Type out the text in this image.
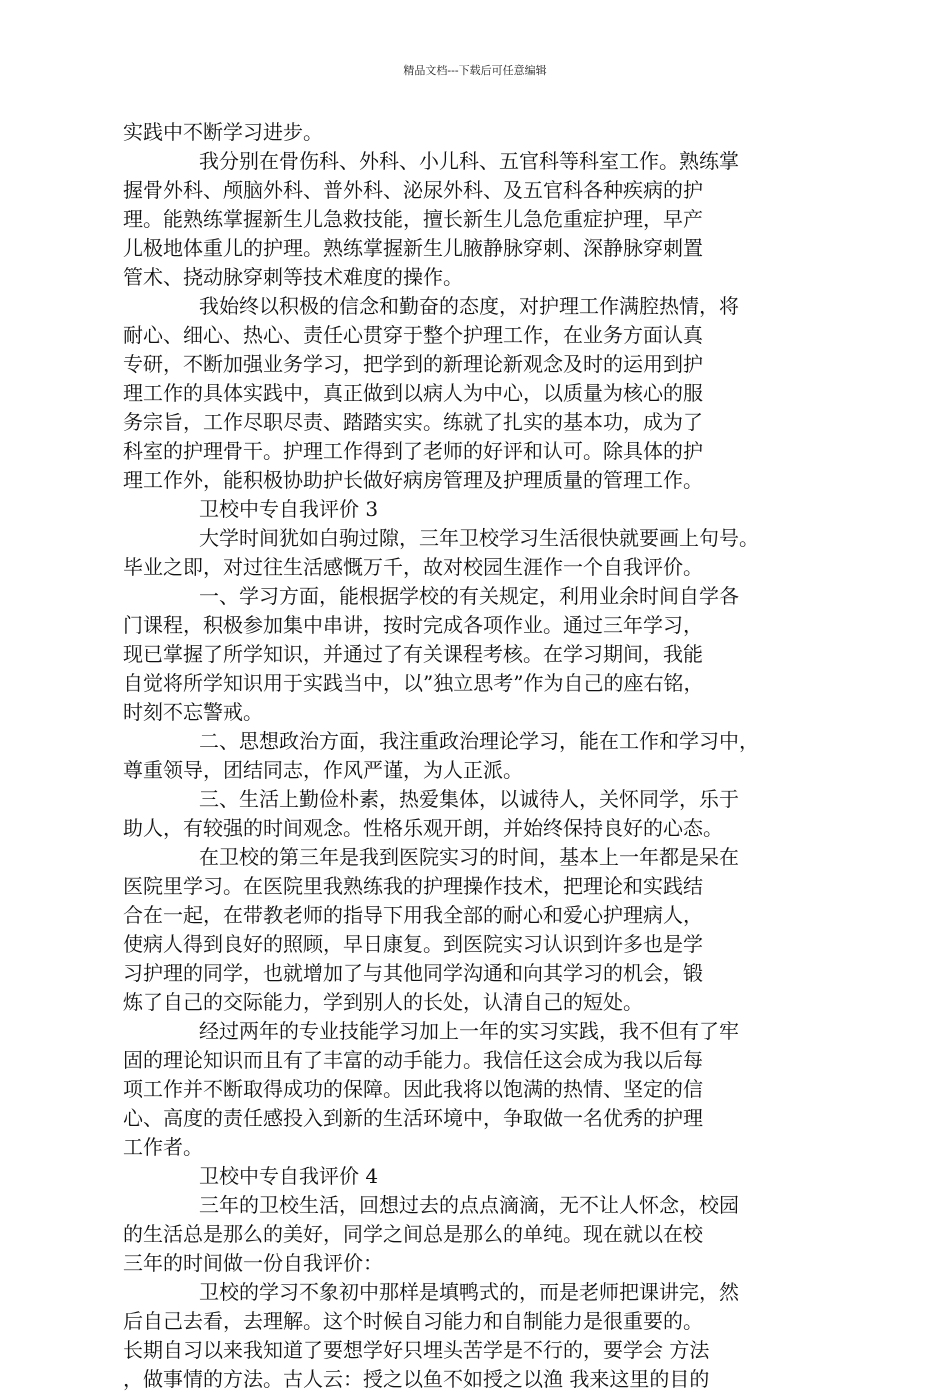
精品文档---下载后可任意编辑
实践中不断学习进步。
我分别在骨伤科、外科、小儿科、五官科等科室工作。熟练掌
握骨外科、颅脑外科、普外科、泌尿外科、及五官科各种疾病的护
理。能熟练掌握新生儿急救技能，擅长新生儿急危重症护理，早产
儿极地体重儿的护理。熟练掌握新生儿腋静脉穿刺、深静脉穿刺置
管术、挠动脉穿刺等技术难度的操作。
我始终以积极的信念和勤奋的态度，对护理工作满腔热情，将
耐心、细心、热心、责任心贯穿于整个护理工作，在业务方面认真
专研，不断加强业务学习，把学到的新理论新观念及时的运用到护
理工作的具体实践中，真正做到以病人为中心，以质量为核心的服
务宗旨，工作尽职尽责、踏踏实实。练就了扎实的基本功，成为了
科室的护理骨干。护理工作得到了老师的好评和认可。除具体的护
理工作外，能积极协助护长做好病房管理及护理质量的管理工作。
卫校中专自我评价 3
大学时间犹如白驹过隙，三年卫校学习生活很快就要画上句号。
毕业之即，对过往生活感慨万千，故对校园生涯作一个自我评价。
一、学习方面，能根据学校的有关规定，利用业余时间自学各
门课程，积极参加集中串讲，按时完成各项作业。通过三年学习，
现已掌握了所学知识，并通过了有关课程考核。在学习期间，我能
自觉将所学知识用于实践当中，以”独立思考”作为自己的座右铭，
时刻不忘警戒。
二、思想政治方面，我注重政治理论学习，能在工作和学习中，
尊重领导，团结同志，作风严谨，为人正派。
三、生活上勤俭朴素，热爱集体，以诚待人，关怀同学，乐于
助人，有较强的时间观念。性格乐观开朗，并始终保持良好的心态。
在卫校的第三年是我到医院实习的时间，基本上一年都是呆在
医院里学习。在医院里我熟练我的护理操作技术，把理论和实践结
合在一起，在带教老师的指导下用我全部的耐心和爱心护理病人，
使病人得到良好的照顾，早日康复。到医院实习认识到许多也是学
习护理的同学，也就增加了与其他同学沟通和向其学习的机会，锻
炼了自己的交际能力，学到别人的长处，认清自己的短处。
经过两年的专业技能学习加上一年的实习实践，我不但有了牢
固的理论知识而且有了丰富的动手能力。我信任这会成为我以后每
项工作并不断取得成功的保障。因此我将以饱满的热情、坚定的信
心、高度的责任感投入到新的生活环境中，争取做一名优秀的护理
工作者。
卫校中专自我评价 4
三年的卫校生活，回想过去的点点滴滴，无不让人怀念，校园
的生活总是那么的美好，同学之间总是那么的单纯。现在就以在校
三年的时间做一份自我评价：
卫校的学习不象初中那样是填鸭式的，而是老师把课讲完，然
后自己去看，去理解。这个时候自习能力和自制能力是很重要的。
长期自习以来我知道了要想学好只埋头苦学是不行的，要学会 方法
，做事情的方法。古人云：授之以鱼不如授之以渔 我来这里的目的
